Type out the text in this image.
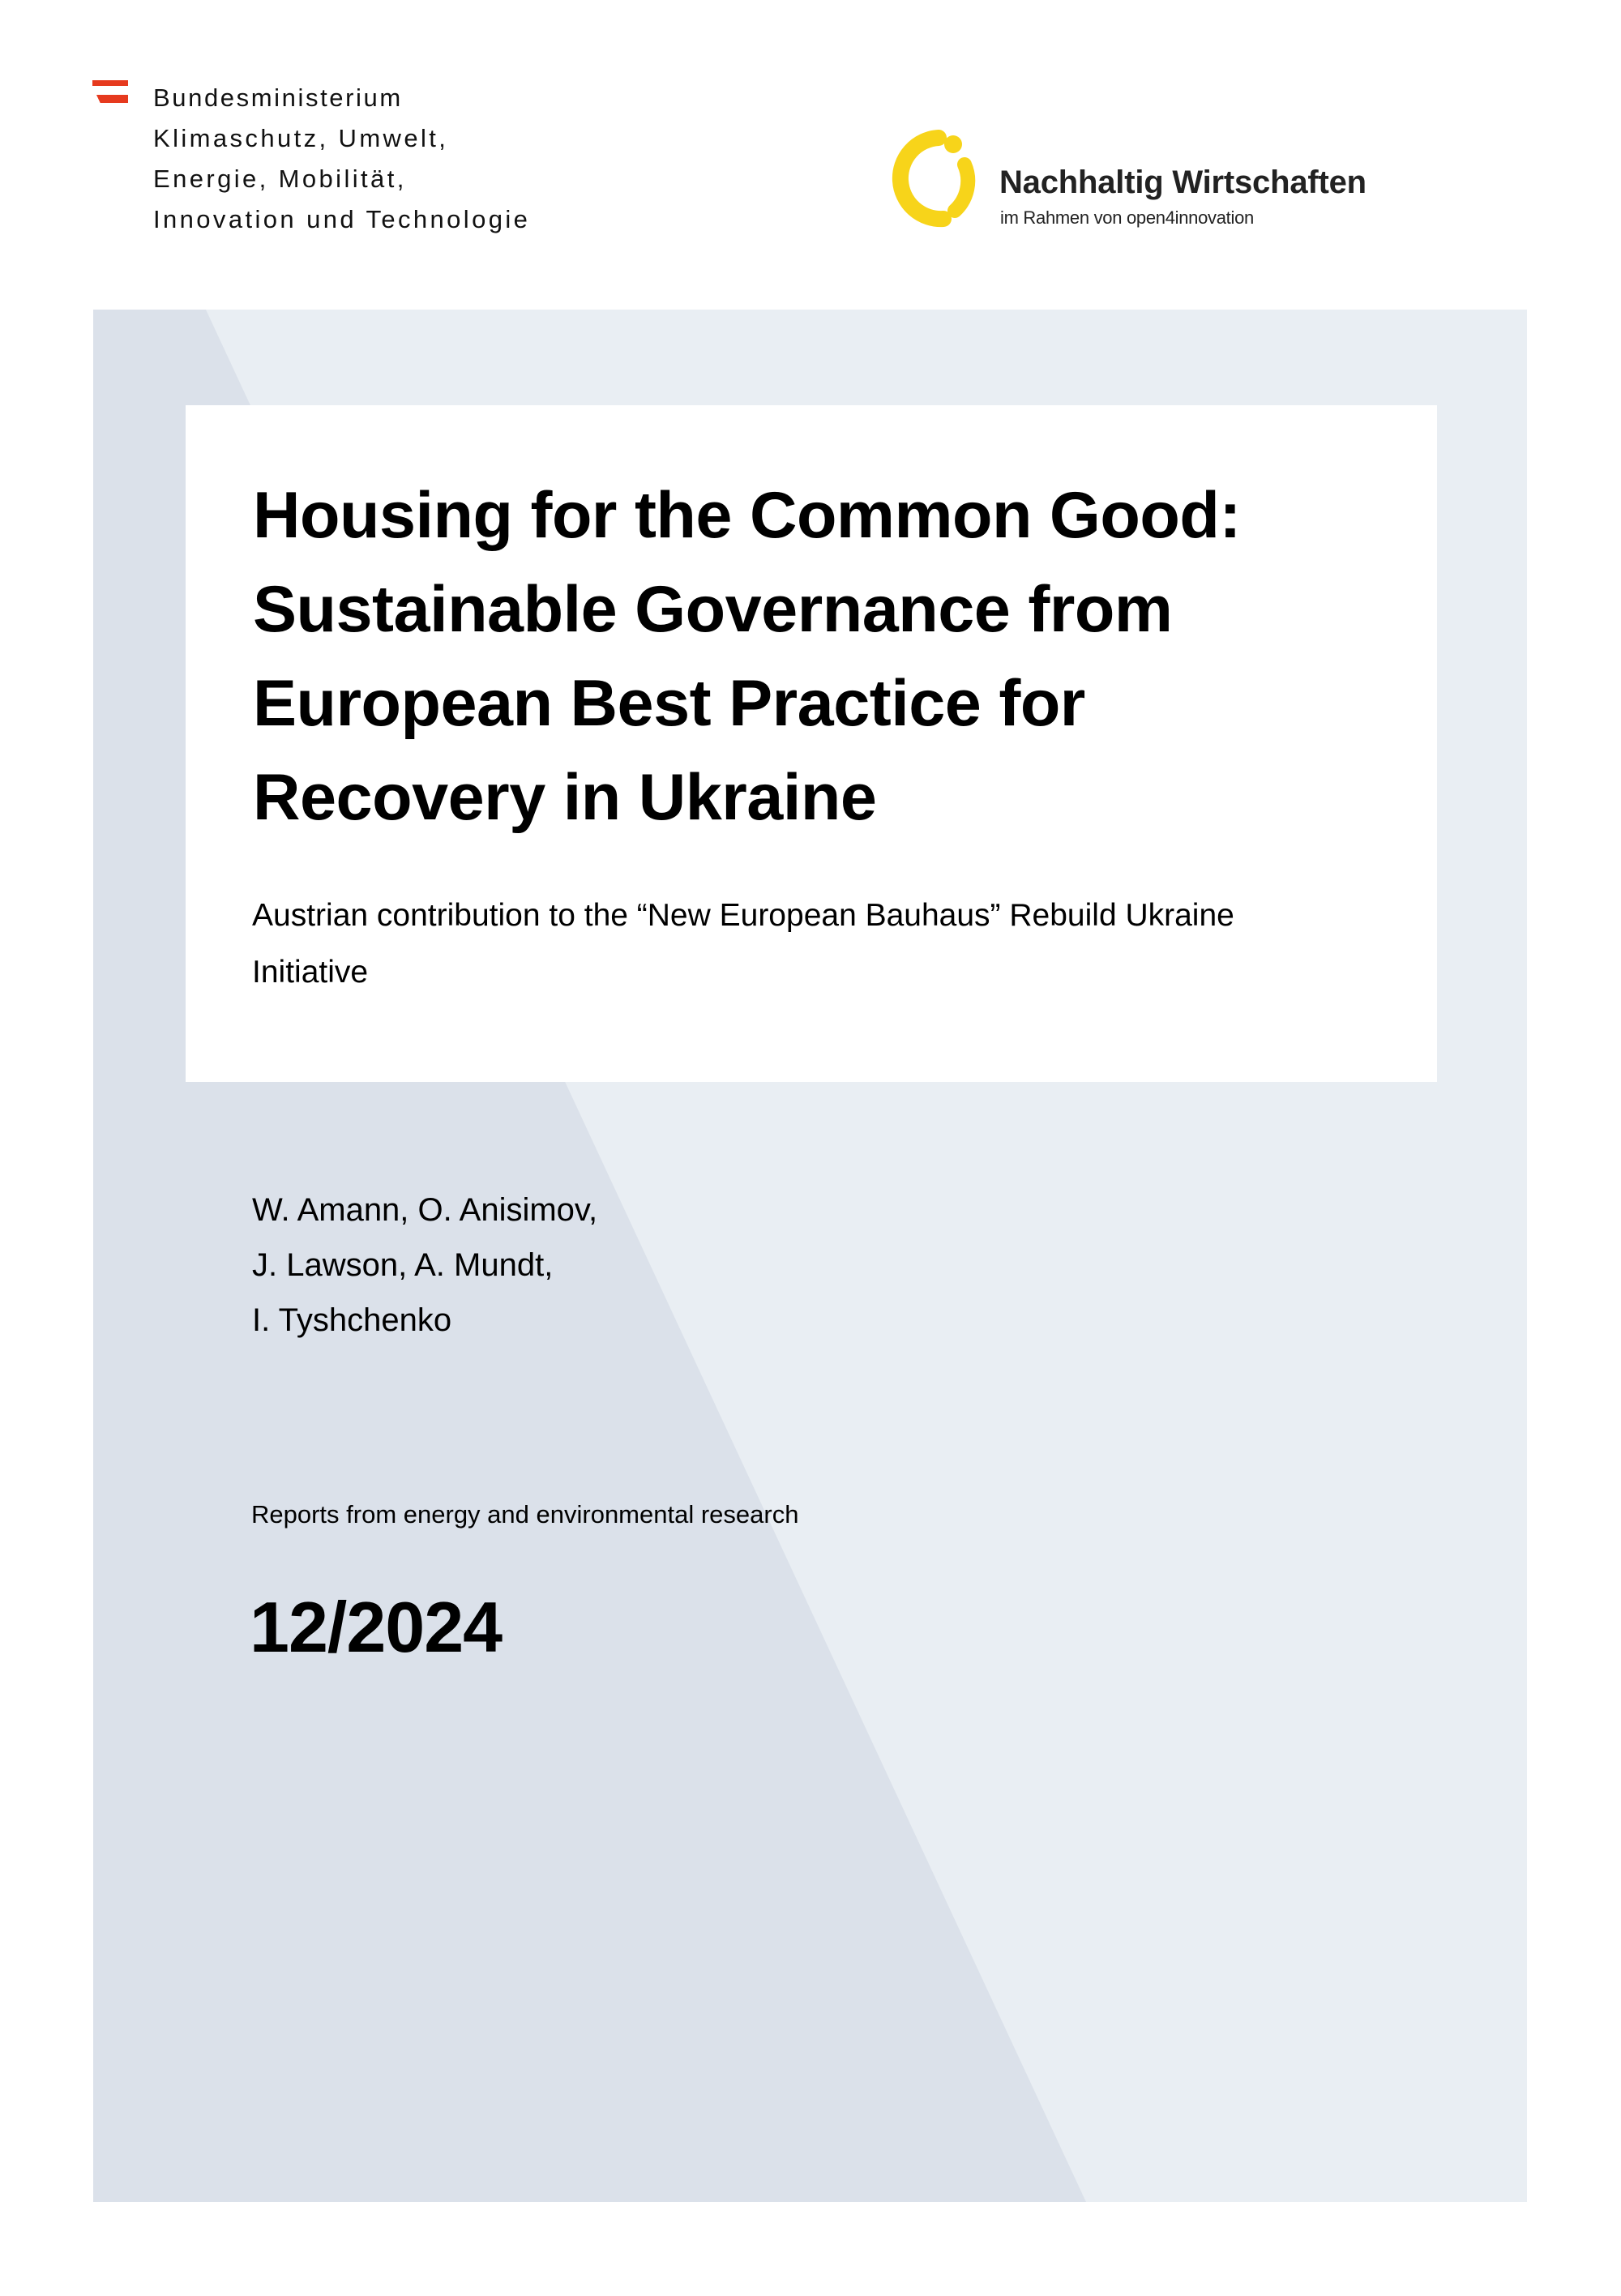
Bundesministerium
Klimaschutz, Umwelt,
Energie, Mobilität,
Innovation und Technologie
Nachhaltig Wirtschaften
im Rahmen von open4innovation
Housing for the Common Good:
Sustainable Governance from
European Best Practice for
Recovery in Ukraine
Austrian contribution to the “New European Bauhaus” Rebuild Ukraine
Initiative
W. Amann, O. Anisimov,
J. Lawson, A. Mundt,
I. Tyshchenko
Reports from energy and environmental research
12/2024
